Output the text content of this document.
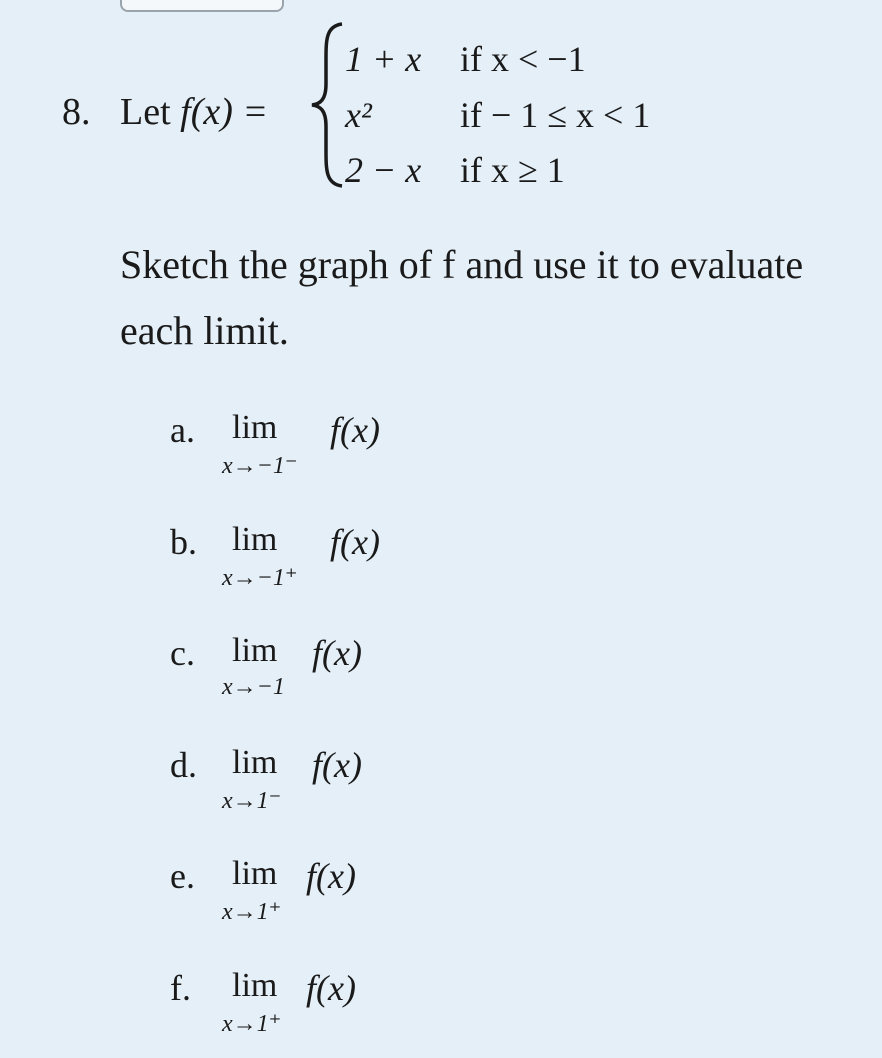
8. Let f(x) =
1 + x if x < −1
x² if − 1 ≤ x < 1
2 − x if x ≥ 1
Sketch the graph of f and use it to evaluate each limit.
a. lim
x→−1⁻
f(x)
b. lim
x→−1⁺
f(x)
c. lim
x→−1
f(x)
d. lim
x→1⁻
f(x)
e. lim
x→1⁺
f(x)
f. lim
x→1⁺
f(x)
